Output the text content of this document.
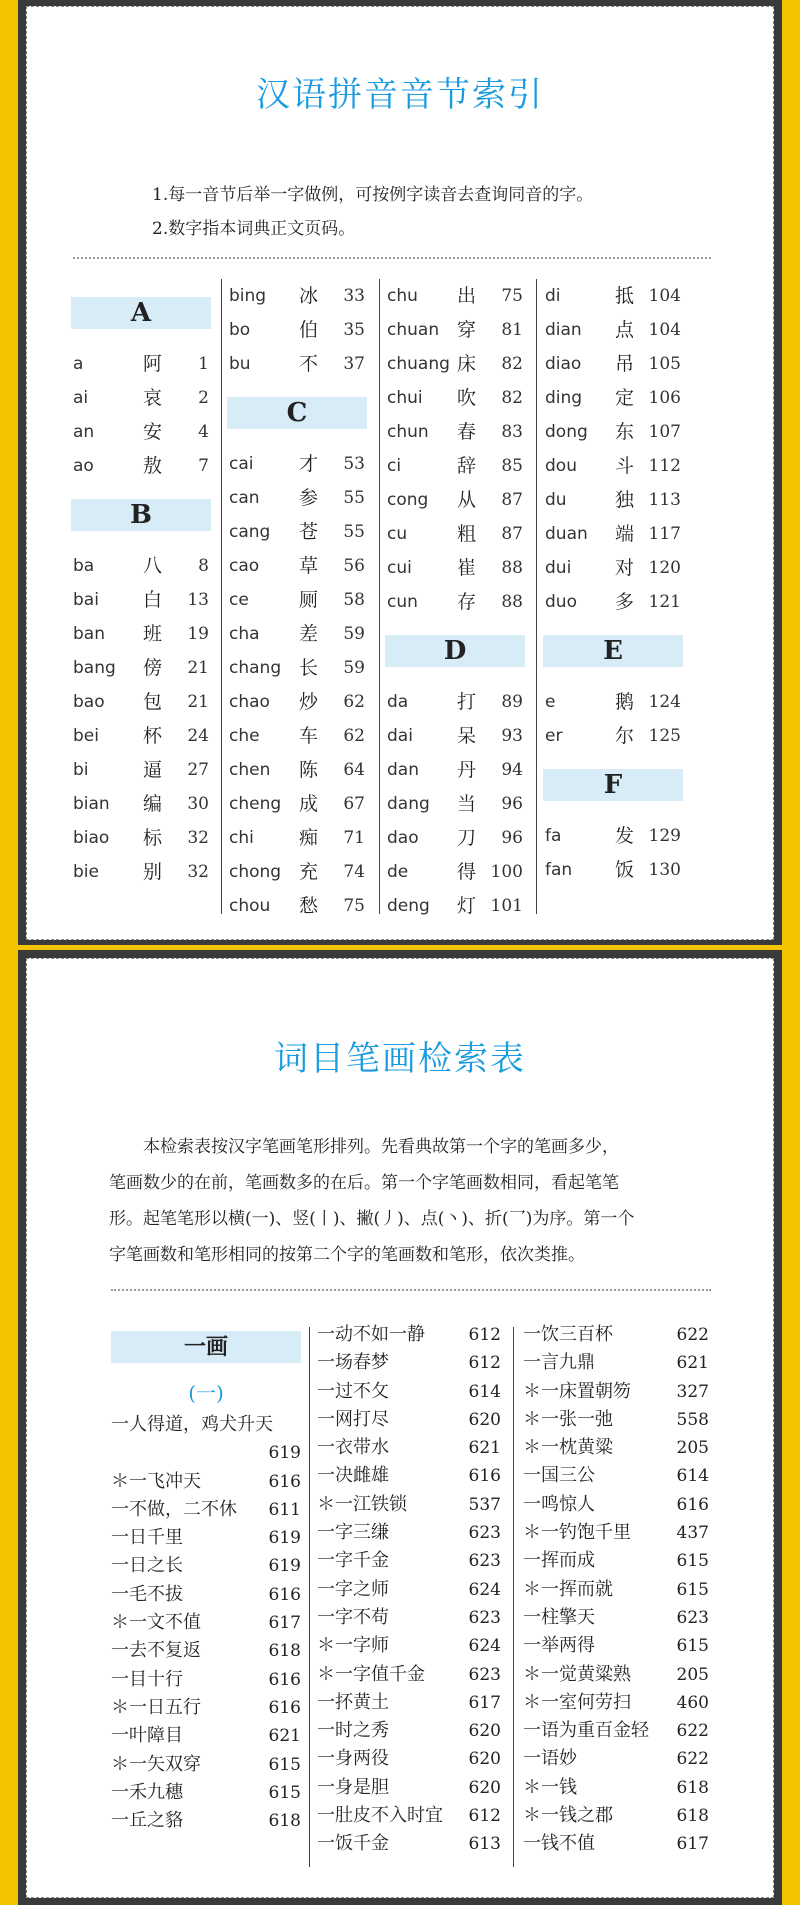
汉语拼音音节索引
1.每一音节后举一字做例，可按例字读音去查询同音的字。
2.数字指本词典正文页码。
A
a	阿 1
ai	哀 2
an	安 4
ao	敖 7
B
ba	八 8
bai 白 13
ban 班 19
bang 傍 21
bao 包 21
bei 杯 24
bi	逼 27
bian 编 30
biao 标 32
bie 别 32
bing 冰 33
bo	伯 35
bu	不 37
C
cai 才 53
can 参 55
cang 苍 55
cao 草 56
ce	厕 58
cha 差 59
chang 长 59
chao 炒 62
che 车 62
chen 陈 64
cheng 成 67
chi 痴 71
chong 充 74
chou 愁 75
chu 出 75
chuan 穿 81
chuang 床 82
chui 吹 82
chun 春 83
ci	辞 85
cong 从 87
cu	粗 87
cui 崔 88
cun 存 88
D
da	打 89
dai 呆 93
dan 丹 94
dang 当 96
dao 刀 96
de	得 100
deng 灯 101
di	抵 104
dian 点 104
diao 吊 105
ding 定 106
dong 东 107
dou 斗 112
du	独 113
duan 端 117
dui 对 120
duo 多 121
E
e	鹅 124
er	尔 125
F
fa	发 129
fan 饭 130
词目笔画检索表
　　本检索表按汉字笔画笔形排列。先看典故第一个字的笔画多少，
笔画数少的在前，笔画数多的在后。第一个字笔画数相同，看起笔笔
形。起笔笔形以横(一)、竖(丨)、撇(丿)、点(丶)、折(乛)为序。第一个
字笔画数和笔形相同的按第二个字的笔画数和笔形，依次类推。
一画
(一)
一人得道，鸡犬升天
619
＊一飞冲天	616
一不做，二不休 611
一日千里	619
一日之长	619
一毛不拔	616
＊一文不值	617
一去不复返	618
一目十行	616
＊一日五行	616
一叶障目	621
＊一矢双穿	615
一禾九穗	615
一丘之貉	618
一动不如一静	612
一场春梦	612
一过不攵	614
一网打尽	620
一衣带水	621
一决雌雄	616
＊一江铁锁	537
一字三缣	623
一字千金	623
一字之师	624
一字不苟	623
＊一字师	624
＊一字值千金	623
一抔黄土	617
一时之秀	620
一身两役	620
一身是胆	620
一肚皮不入时宜 612
一饭千金	613
一饮三百杯	622
一言九鼎	621
＊一床置朝笏	327
＊一张一弛	558
＊一枕黄粱	205
一国三公	614
一鸣惊人	616
＊一钓饱千里	437
一挥而成	615
＊一挥而就	615
一柱擎天	623
一举两得	615
＊一觉黄粱熟	205
＊一室何劳扫	460
一语为重百金轻 622
一语妙	622
＊一钱	618
＊一钱之郡	618
一钱不值	617
